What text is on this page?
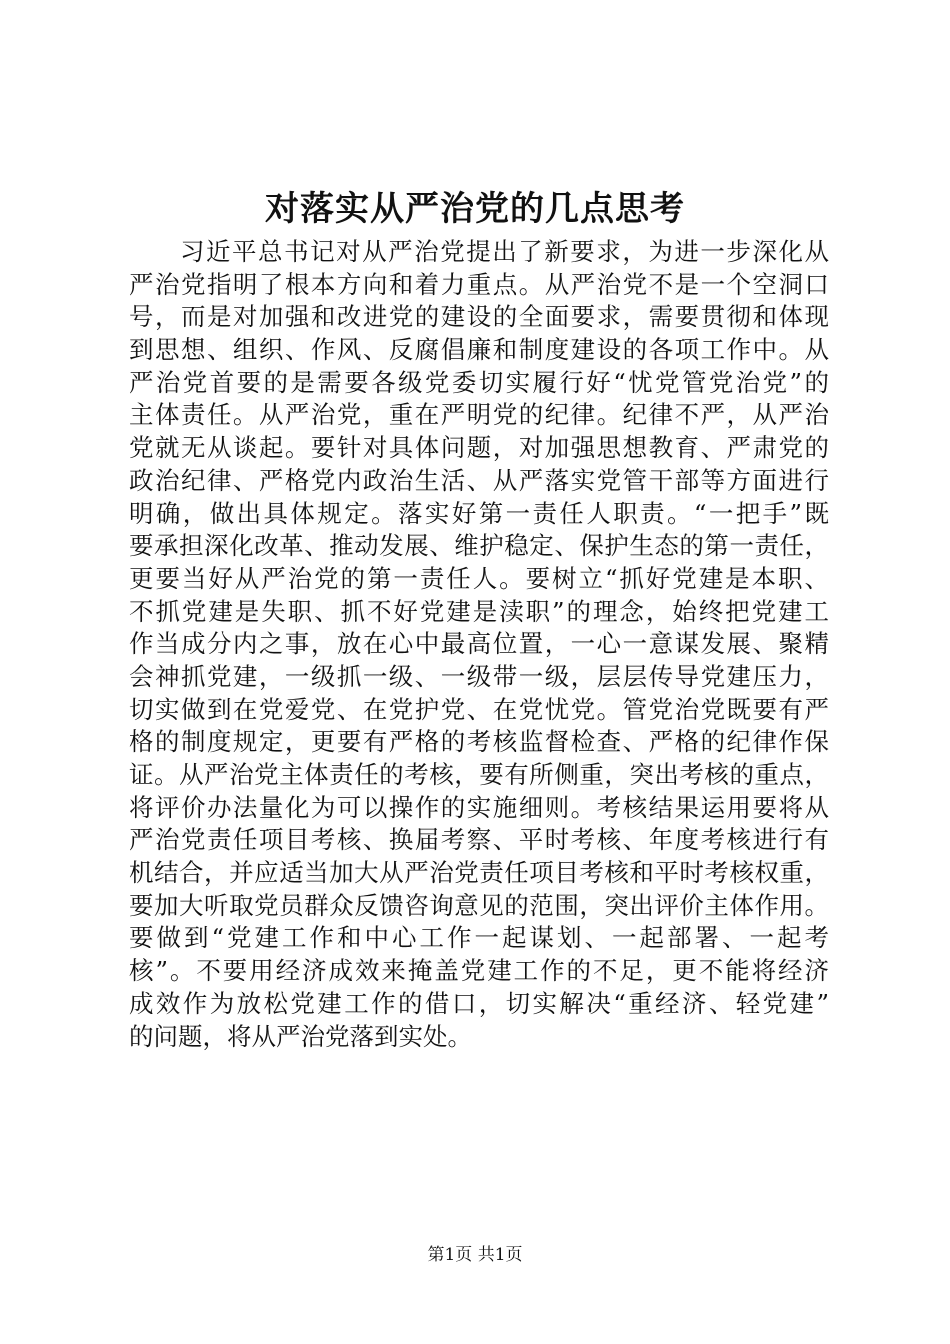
对落实从严治党的几点思考
习近平总书记对从严治党提出了新要求，为进一步深化从
严治党指明了根本方向和着力重点。从严治党不是一个空洞口
号，而是对加强和改进党的建设的全面要求，需要贯彻和体现
到思想、组织、作风、反腐倡廉和制度建设的各项工作中。从
严治党首要的是需要各级党委切实履行好“忧党管党治党”的
主体责任。从严治党，重在严明党的纪律。纪律不严，从严治
党就无从谈起。要针对具体问题，对加强思想教育、严肃党的
政治纪律、严格党内政治生活、从严落实党管干部等方面进行
明确，做出具体规定。落实好第一责任人职责。“一把手”既
要承担深化改革、推动发展、维护稳定、保护生态的第一责任，
更要当好从严治党的第一责任人。要树立“抓好党建是本职、
不抓党建是失职、抓不好党建是渎职”的理念，始终把党建工
作当成分内之事，放在心中最高位置，一心一意谋发展、聚精
会神抓党建，一级抓一级、一级带一级，层层传导党建压力，
切实做到在党爱党、在党护党、在党忧党。管党治党既要有严
格的制度规定，更要有严格的考核监督检查、严格的纪律作保
证。从严治党主体责任的考核，要有所侧重，突出考核的重点，
将评价办法量化为可以操作的实施细则。考核结果运用要将从
严治党责任项目考核、换届考察、平时考核、年度考核进行有
机结合，并应适当加大从严治党责任项目考核和平时考核权重，
要加大听取党员群众反馈咨询意见的范围，突出评价主体作用。
要做到“党建工作和中心工作一起谋划、一起部署、一起考
核”。不要用经济成效来掩盖党建工作的不足，更不能将经济
成效作为放松党建工作的借口，切实解决“重经济、轻党建”
的问题，将从严治党落到实处。
第1页 共1页
